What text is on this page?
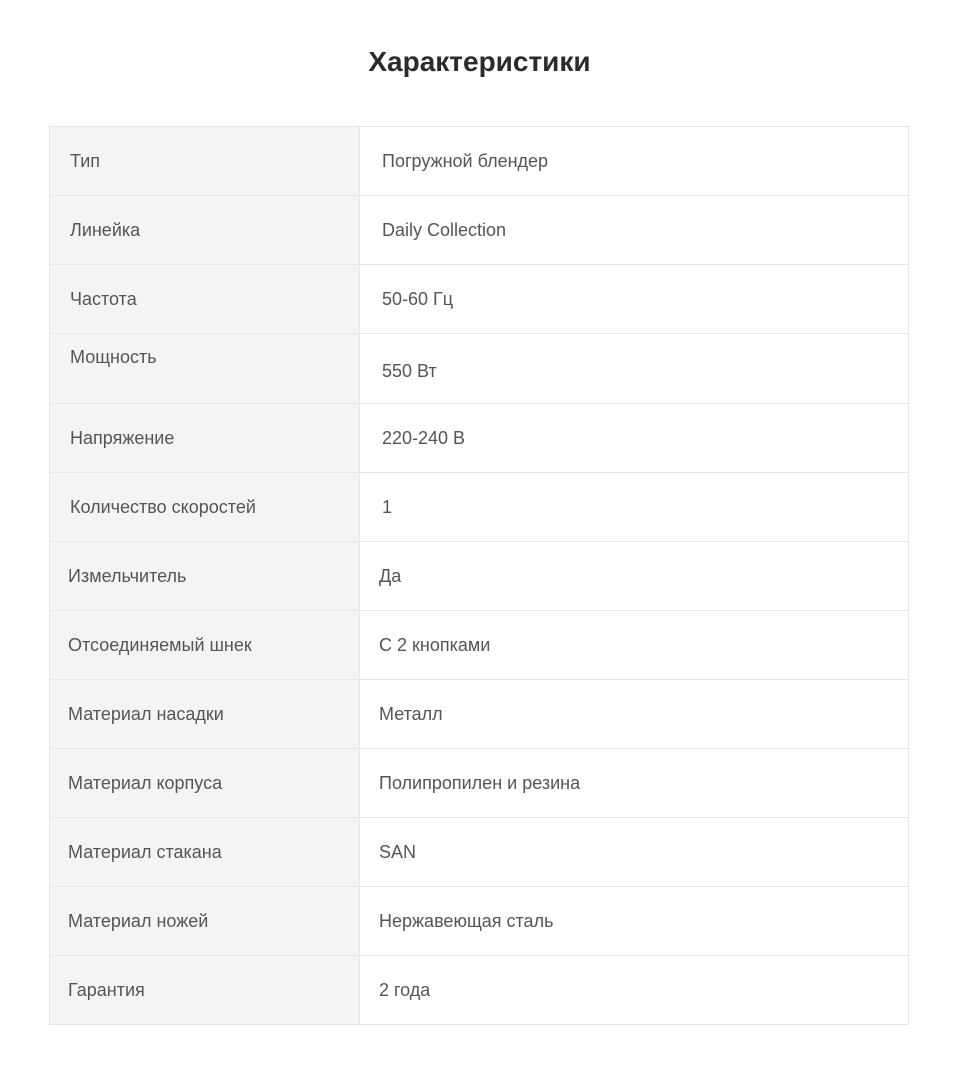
Характеристики
Тип	Погружной блендер
Линейка	Daily Collection
Частота	50-60 Гц
Мощность	550 Вт
Напряжение	220-240 В
Количество скоростей	1
Измельчитель	Да
Отсоединяемый шнек	С 2 кнопками
Материал насадки	Металл
Материал корпуса	Полипропилен и резина
Материал стакана	SAN
Материал ножей	Нержавеющая сталь
Гарантия	2 года
